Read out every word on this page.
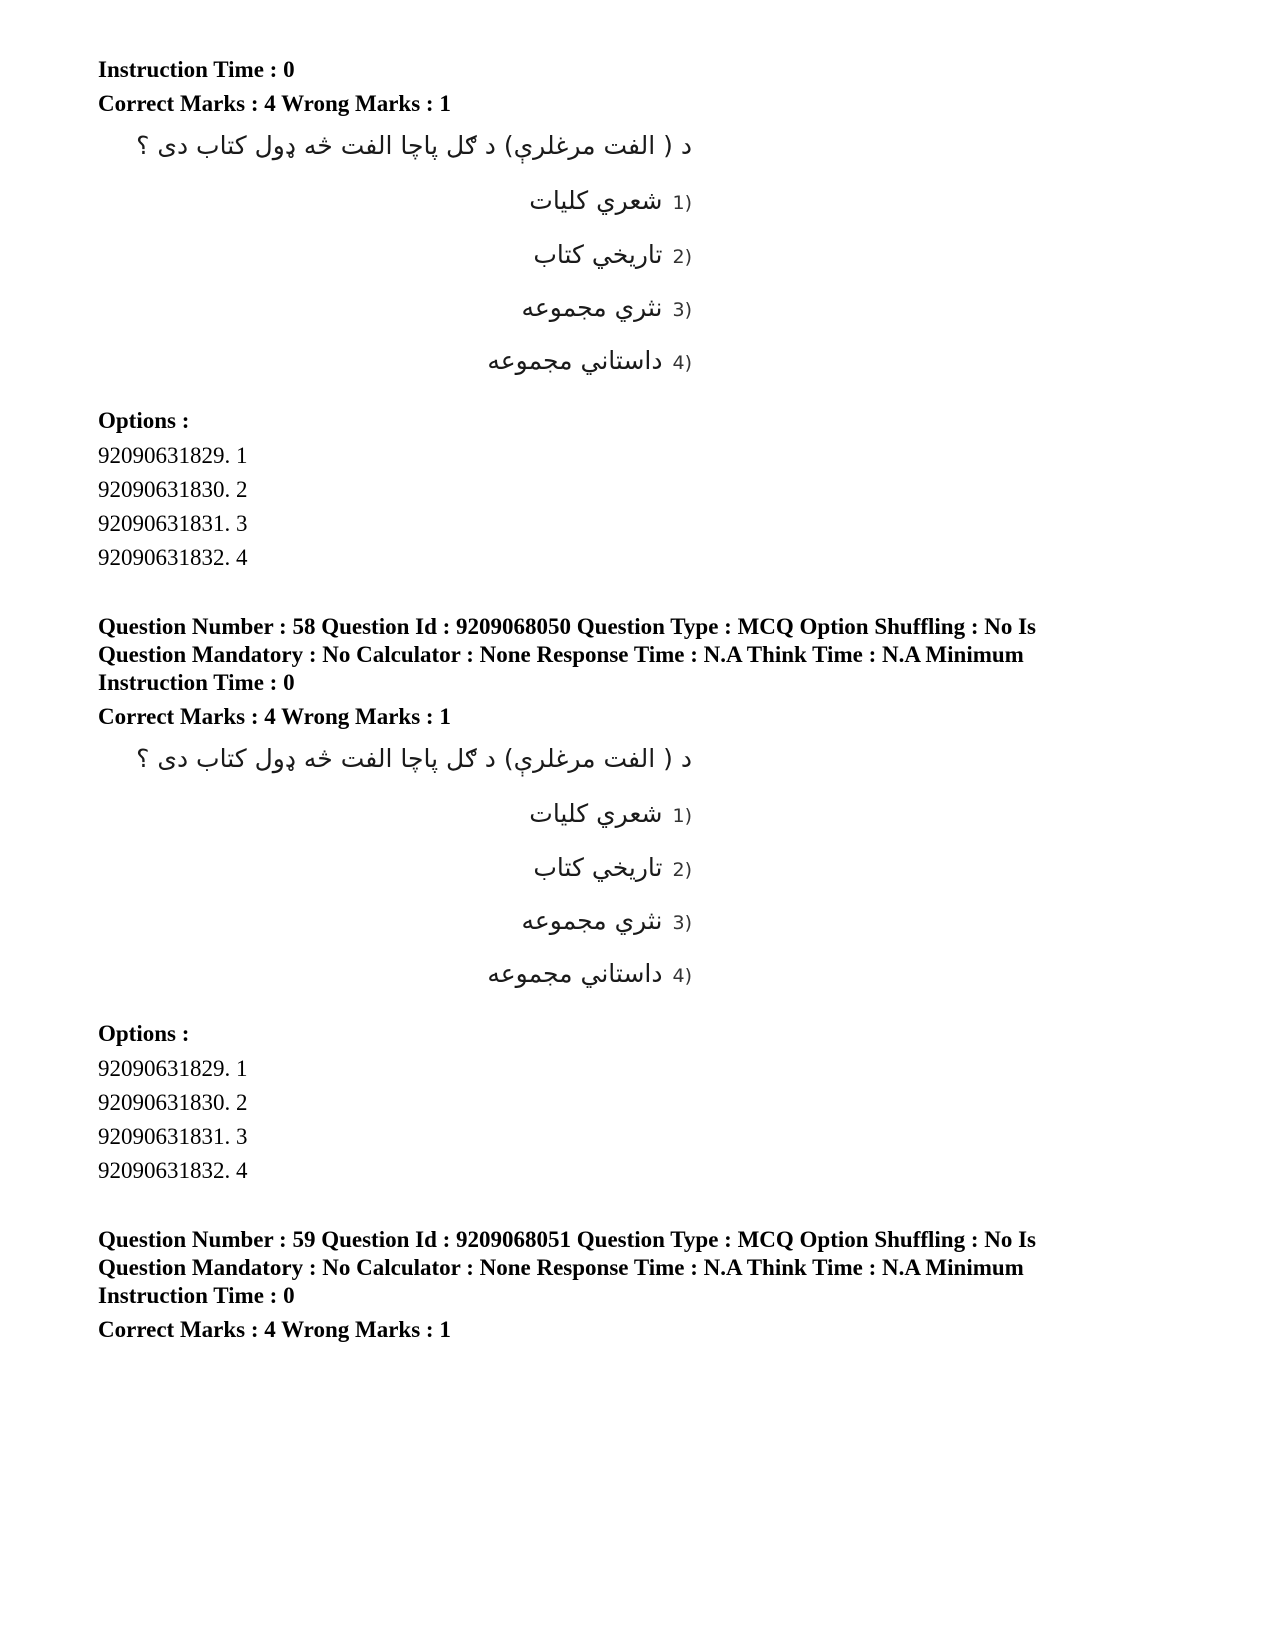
Instruction Time : 0
Correct Marks : 4 Wrong Marks : 1
د ( الفت مرغلرې) د ګل پاچا الفت څه ډول کتاب دی ؟
(1شعري کليات
(2تاريخي کتاب
(3نثري مجموعه
(4داستاني مجموعه
Options :
92090631829. 1
92090631830. 2
92090631831. 3
92090631832. 4
Question Number : 58 Question Id : 9209068050 Question Type : MCQ Option Shuffling : No Is
Question Mandatory : No Calculator : None Response Time : N.A Think Time : N.A Minimum
Instruction Time : 0
Correct Marks : 4 Wrong Marks : 1
د ( الفت مرغلرې) د ګل پاچا الفت څه ډول کتاب دی ؟
(1شعري کليات
(2تاريخي کتاب
(3نثري مجموعه
(4داستاني مجموعه
Options :
92090631829. 1
92090631830. 2
92090631831. 3
92090631832. 4
Question Number : 59 Question Id : 9209068051 Question Type : MCQ Option Shuffling : No Is
Question Mandatory : No Calculator : None Response Time : N.A Think Time : N.A Minimum
Instruction Time : 0
Correct Marks : 4 Wrong Marks : 1
